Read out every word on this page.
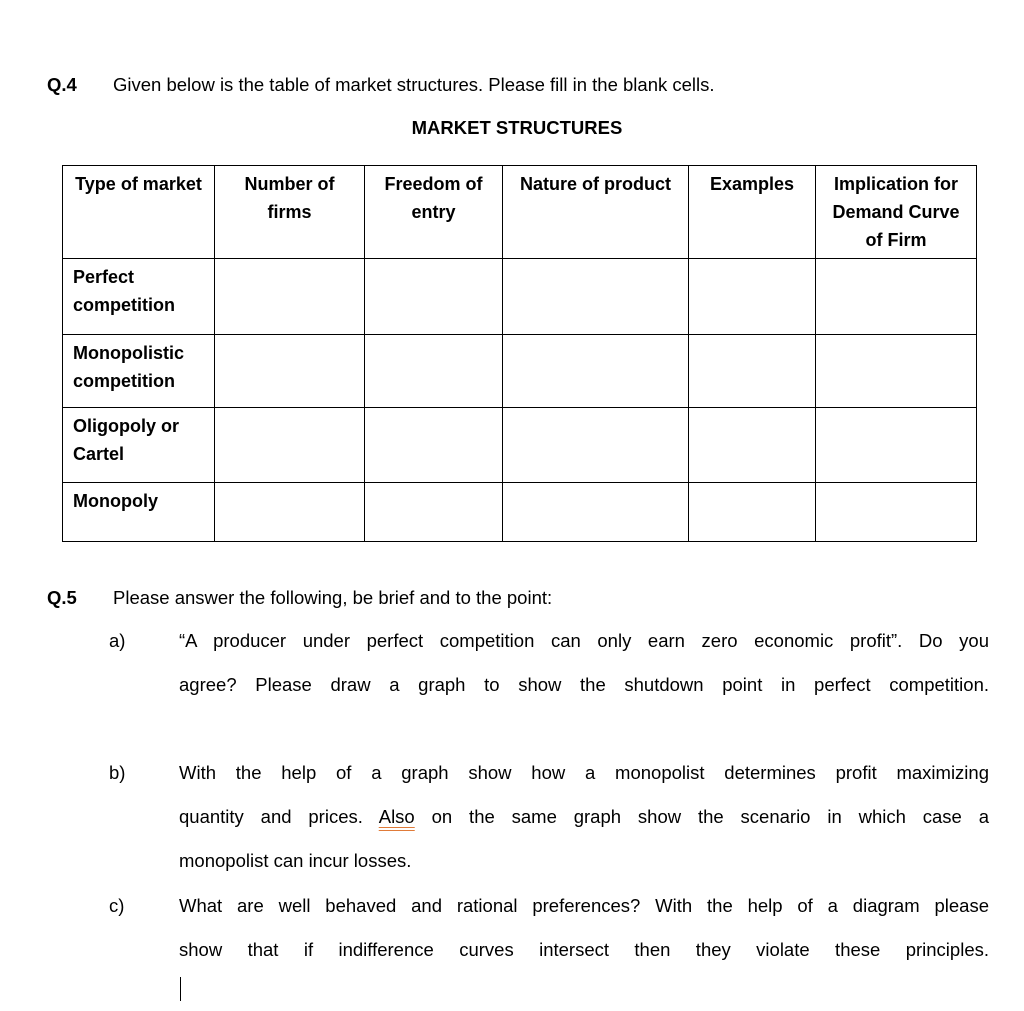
Q.4 Given below is the table of market structures. Please fill in the blank cells.
MARKET STRUCTURES
Type of market	Number of firms	Freedom of entry	Nature of product	Examples	Implication for Demand Curve of Firm
Perfect competition					
Monopolistic competition					
Oligopoly or Cartel					
Monopoly					
Q.5 Please answer the following, be brief and to the point:
a)	“A producer under perfect competition can only earn zero economic profit”. Do you
agree? Please draw a graph to show the shutdown point in perfect competition.
b)	With the help of a graph show how a monopolist determines profit maximizing
quantity and prices. Also on the same graph show the scenario in which case a
monopolist can incur losses.
c)	What are well behaved and rational preferences? With the help of a diagram please
show that if indifference curves intersect then they violate these principles.
